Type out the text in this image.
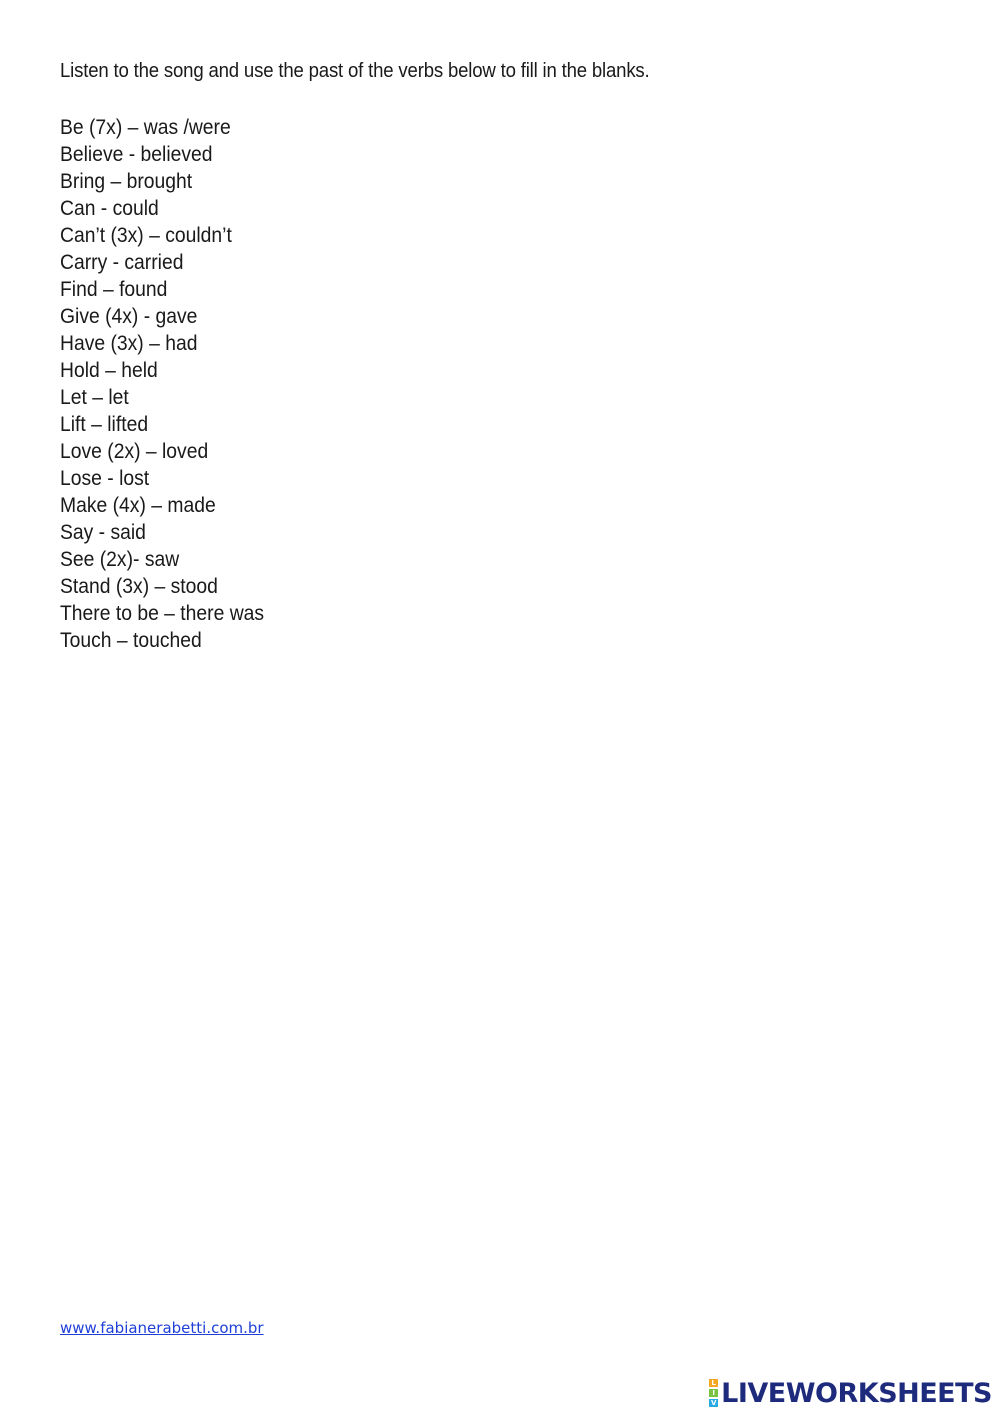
Listen to the song and use the past of the verbs below to fill in the blanks.
Be (7x) – was /were
Believe - believed
Bring – brought
Can - could
Can’t (3x) – couldn’t
Carry - carried
Find – found
Give (4x) - gave
Have (3x) – had
Hold – held
Let – let
Lift – lifted
Love (2x) – loved
Lose - lost
Make (4x) – made
Say - said
See (2x)- saw
Stand (3x) – stood
There to be – there was
Touch – touched
www.fabianerabetti.com.br
L
I
V LIVEWORKSHEETS
